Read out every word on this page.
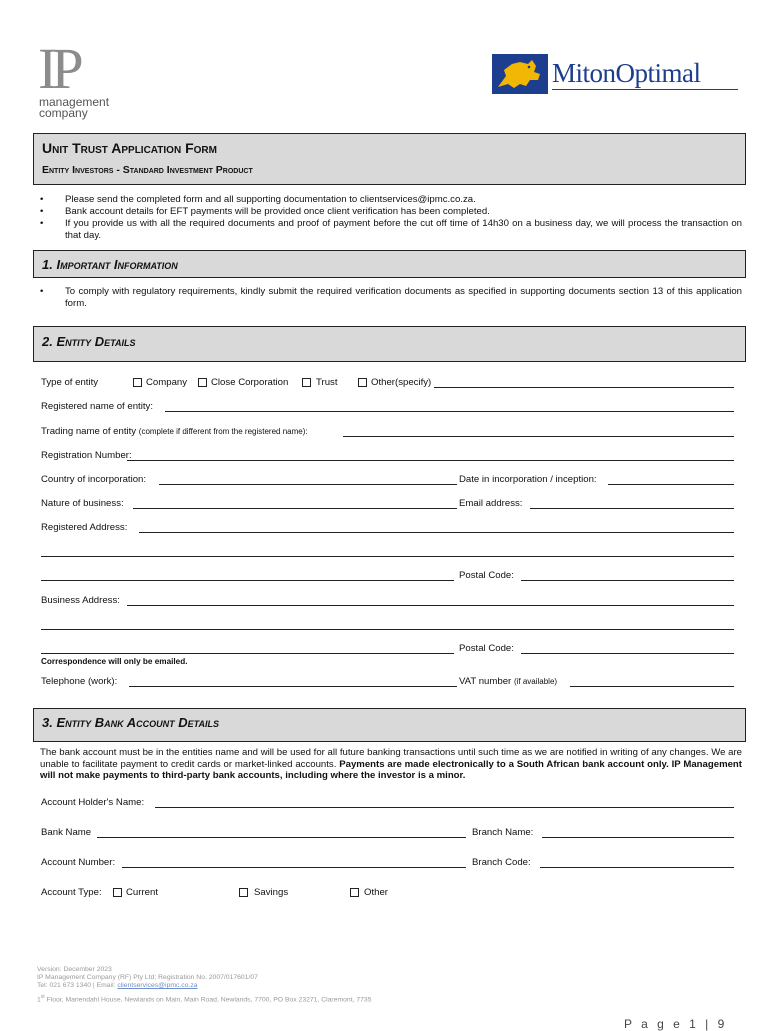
IP
management
company
MitonOptimal
Unit Trust Application Form
Entity Investors - Standard Investment Product
• Please send the completed form and all supporting documentation to clientservices@ipmc.co.za.
• Bank account details for EFT payments will be provided once client verification has been completed.
• If you provide us with all the required documents and proof of payment before the cut off time of 14h30 on a business day, we will process the transaction on that day.
1. Important Information
• To comply with regulatory requirements, kindly submit the required verification documents as specified in supporting documents section 13 of this application form.
2. Entity Details
Type of entity	Company Close Corporation	Trust	Other(specify)
Registered name of entity:
Trading name of entity (complete if different from the registered name):
Registration Number:
Country of incorporation:	Date in incorporation / inception:
Nature of business:	Email address:
Registered Address:
Postal Code:
Business Address:
Postal Code:
Correspondence will only be emailed.
Telephone (work):	VAT number (if available)
3. Entity Bank Account Details
The bank account must be in the entities name and will be used for all future banking transactions until such time as we are notified in writing of any changes. We are unable to facilitate payment to credit cards or market-linked accounts. Payments are made electronically to a South African bank account only. IP Management will not make payments to third-party bank accounts, including where the investor is a minor.
Account Holder's Name:
Bank Name	Branch Name:
Account Number:	Branch Code:
Account Type:	Current	Savings	Other
Version: December 2023
IP Management Company (RF) Pty Ltd; Registration No. 2007/017601/07
Tel: 021 673 1340 | Email: clientservices@ipmc.co.za
1st Floor, Mariendahl House, Newlands on Main, Main Road, Newlands, 7700, PO Box 23271, Claremont, 7735
P a g e 1 | 9
